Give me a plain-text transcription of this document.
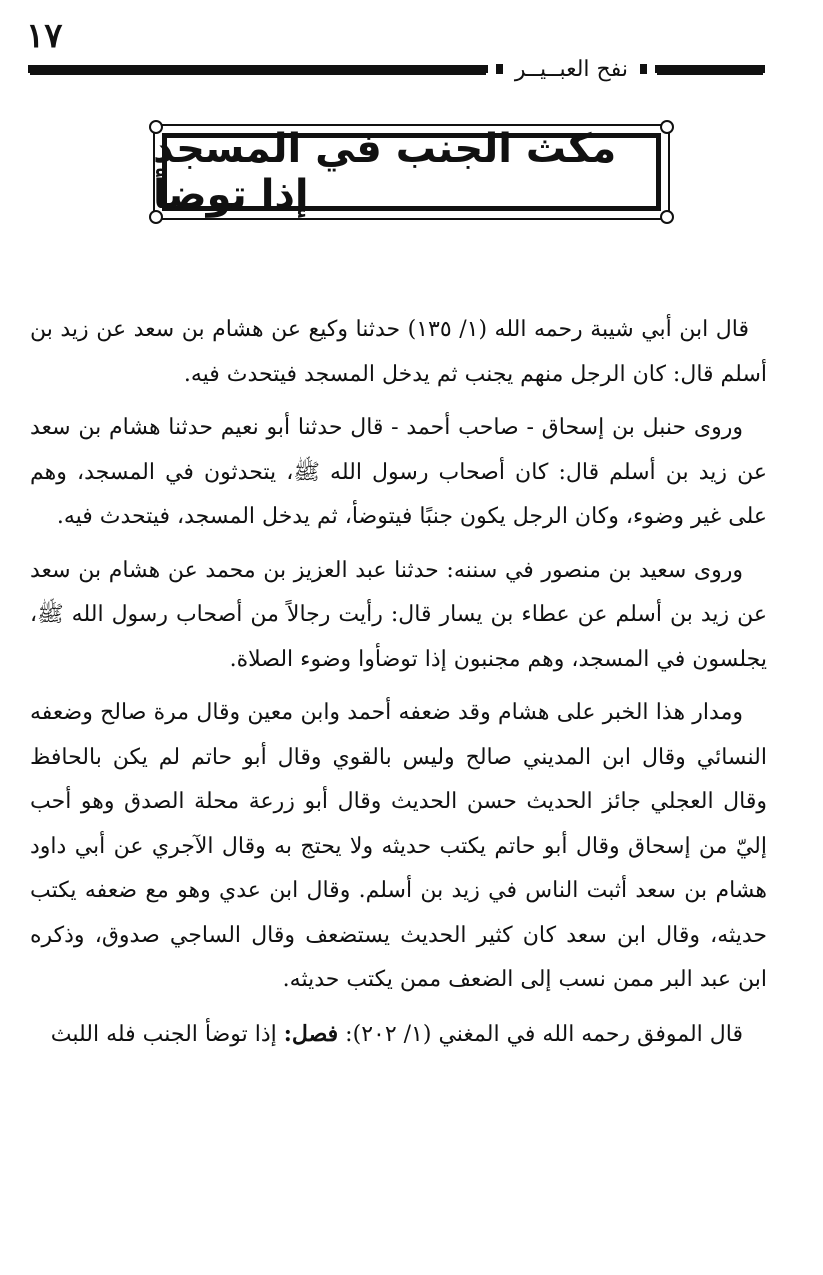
١٧
نفح العبــيــر
مكث الجنب في المسجد إذا توضأ

قال ابن أبي شيبة رحمه الله (١/ ١٣٥) حدثنا وكيع عن هشام بن سعد عن زيد بن أسلم قال: كان الرجل منهم يجنب ثم يدخل المسجد فيتحدث فيه.

وروى حنبل بن إسحاق - صاحب أحمد - قال حدثنا أبو نعيم حدثنا هشام بن سعد عن زيد بن أسلم قال: كان أصحاب رسول الله ﷺ، يتحدثون في المسجد، وهم على غير وضوء، وكان الرجل يكون جنبًا فيتوضأ، ثم يدخل المسجد، فيتحدث فيه.

وروى سعيد بن منصور في سننه: حدثنا عبد العزيز بن محمد عن هشام بن سعد عن زيد بن أسلم عن عطاء بن يسار قال: رأيت رجالاً من أصحاب رسول الله ﷺ، يجلسون في المسجد، وهم مجنبون إذا توضأوا وضوء الصلاة.

ومدار هذا الخبر على هشام وقد ضعفه أحمد وابن معين وقال مرة صالح وضعفه النسائي وقال ابن المديني صالح وليس بالقوي وقال أبو حاتم لم يكن بالحافظ وقال العجلي جائز الحديث حسن الحديث وقال أبو زرعة محلة الصدق وهو أحب إليّ من إسحاق وقال أبو حاتم يكتب حديثه ولا يحتج به وقال الآجري عن أبي داود هشام بن سعد أثبت الناس في زيد بن أسلم. وقال ابن عدي وهو مع ضعفه يكتب حديثه، وقال ابن سعد كان كثير الحديث يستضعف وقال الساجي صدوق، وذكره ابن عبد البر ممن نسب إلى الضعف ممن يكتب حديثه.

قال الموفق رحمه الله في المغني (١/ ٢٠٢): فصل: إذا توضأ الجنب فله اللبث
